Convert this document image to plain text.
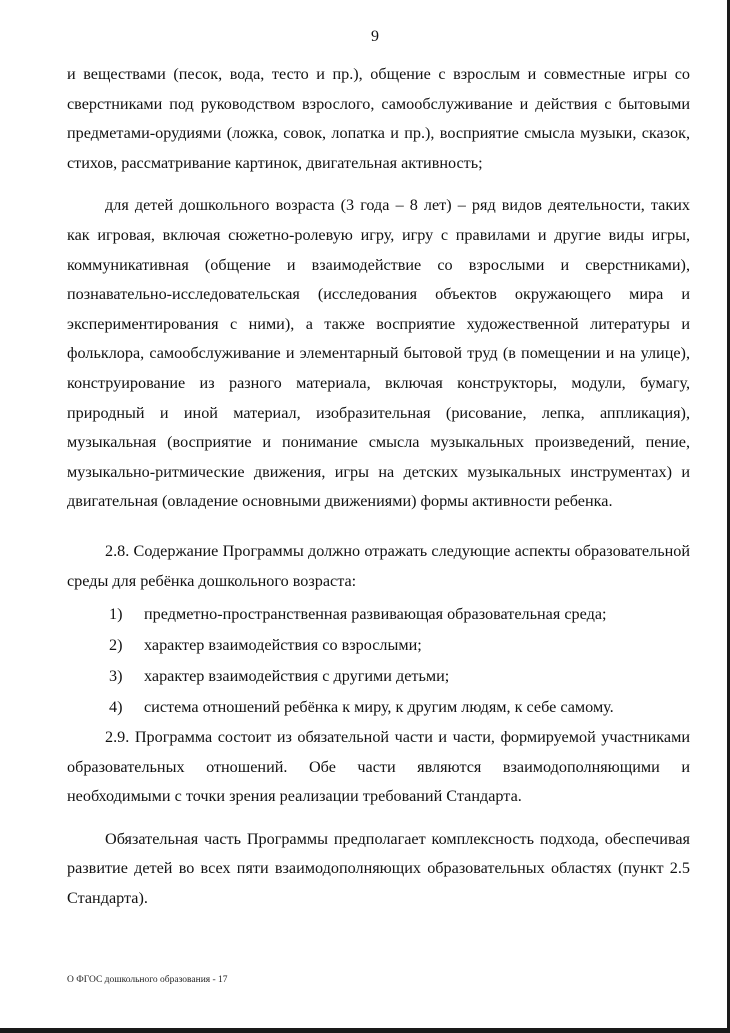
9

и веществами (песок, вода, тесто и пр.), общение с взрослым и совместные игры со сверстниками под руководством взрослого, самообслуживание и действия с бытовыми предметами-орудиями (ложка, совок, лопатка и пр.), восприятие смысла музыки, сказок, стихов, рассматривание картинок, двигательная активность;

для детей дошкольного возраста (3 года – 8 лет) – ряд видов деятельности, таких как игровая, включая сюжетно-ролевую игру, игру с правилами и другие виды игры, коммуникативная (общение и взаимодействие со взрослыми и сверстниками), познавательно-исследовательская (исследования объектов окружающего мира и экспериментирования с ними), а также восприятие художественной литературы и фольклора, самообслуживание и элементарный бытовой труд (в помещении и на улице), конструирование из разного материала, включая конструкторы, модули, бумагу, природный и иной материал, изобразительная (рисование, лепка, аппликация), музыкальная (восприятие и понимание смысла музыкальных произведений, пение, музыкально-ритмические движения, игры на детских музыкальных инструментах) и двигательная (овладение основными движениями) формы активности ребенка.

2.8. Содержание Программы должно отражать следующие аспекты образовательной среды для ребёнка дошкольного возраста:

1) предметно-пространственная развивающая образовательная среда;
2) характер взаимодействия со взрослыми;
3) характер взаимодействия с другими детьми;
4) система отношений ребёнка к миру, к другим людям, к себе самому.

2.9. Программа состоит из обязательной части и части, формируемой участниками образовательных отношений. Обе части являются взаимодополняющими и необходимыми с точки зрения реализации требований Стандарта.

Обязательная часть Программы предполагает комплексность подхода, обеспечивая развитие детей во всех пяти взаимодополняющих образовательных областях (пункт 2.5 Стандарта).

О ФГОС дошкольного образования - 17
